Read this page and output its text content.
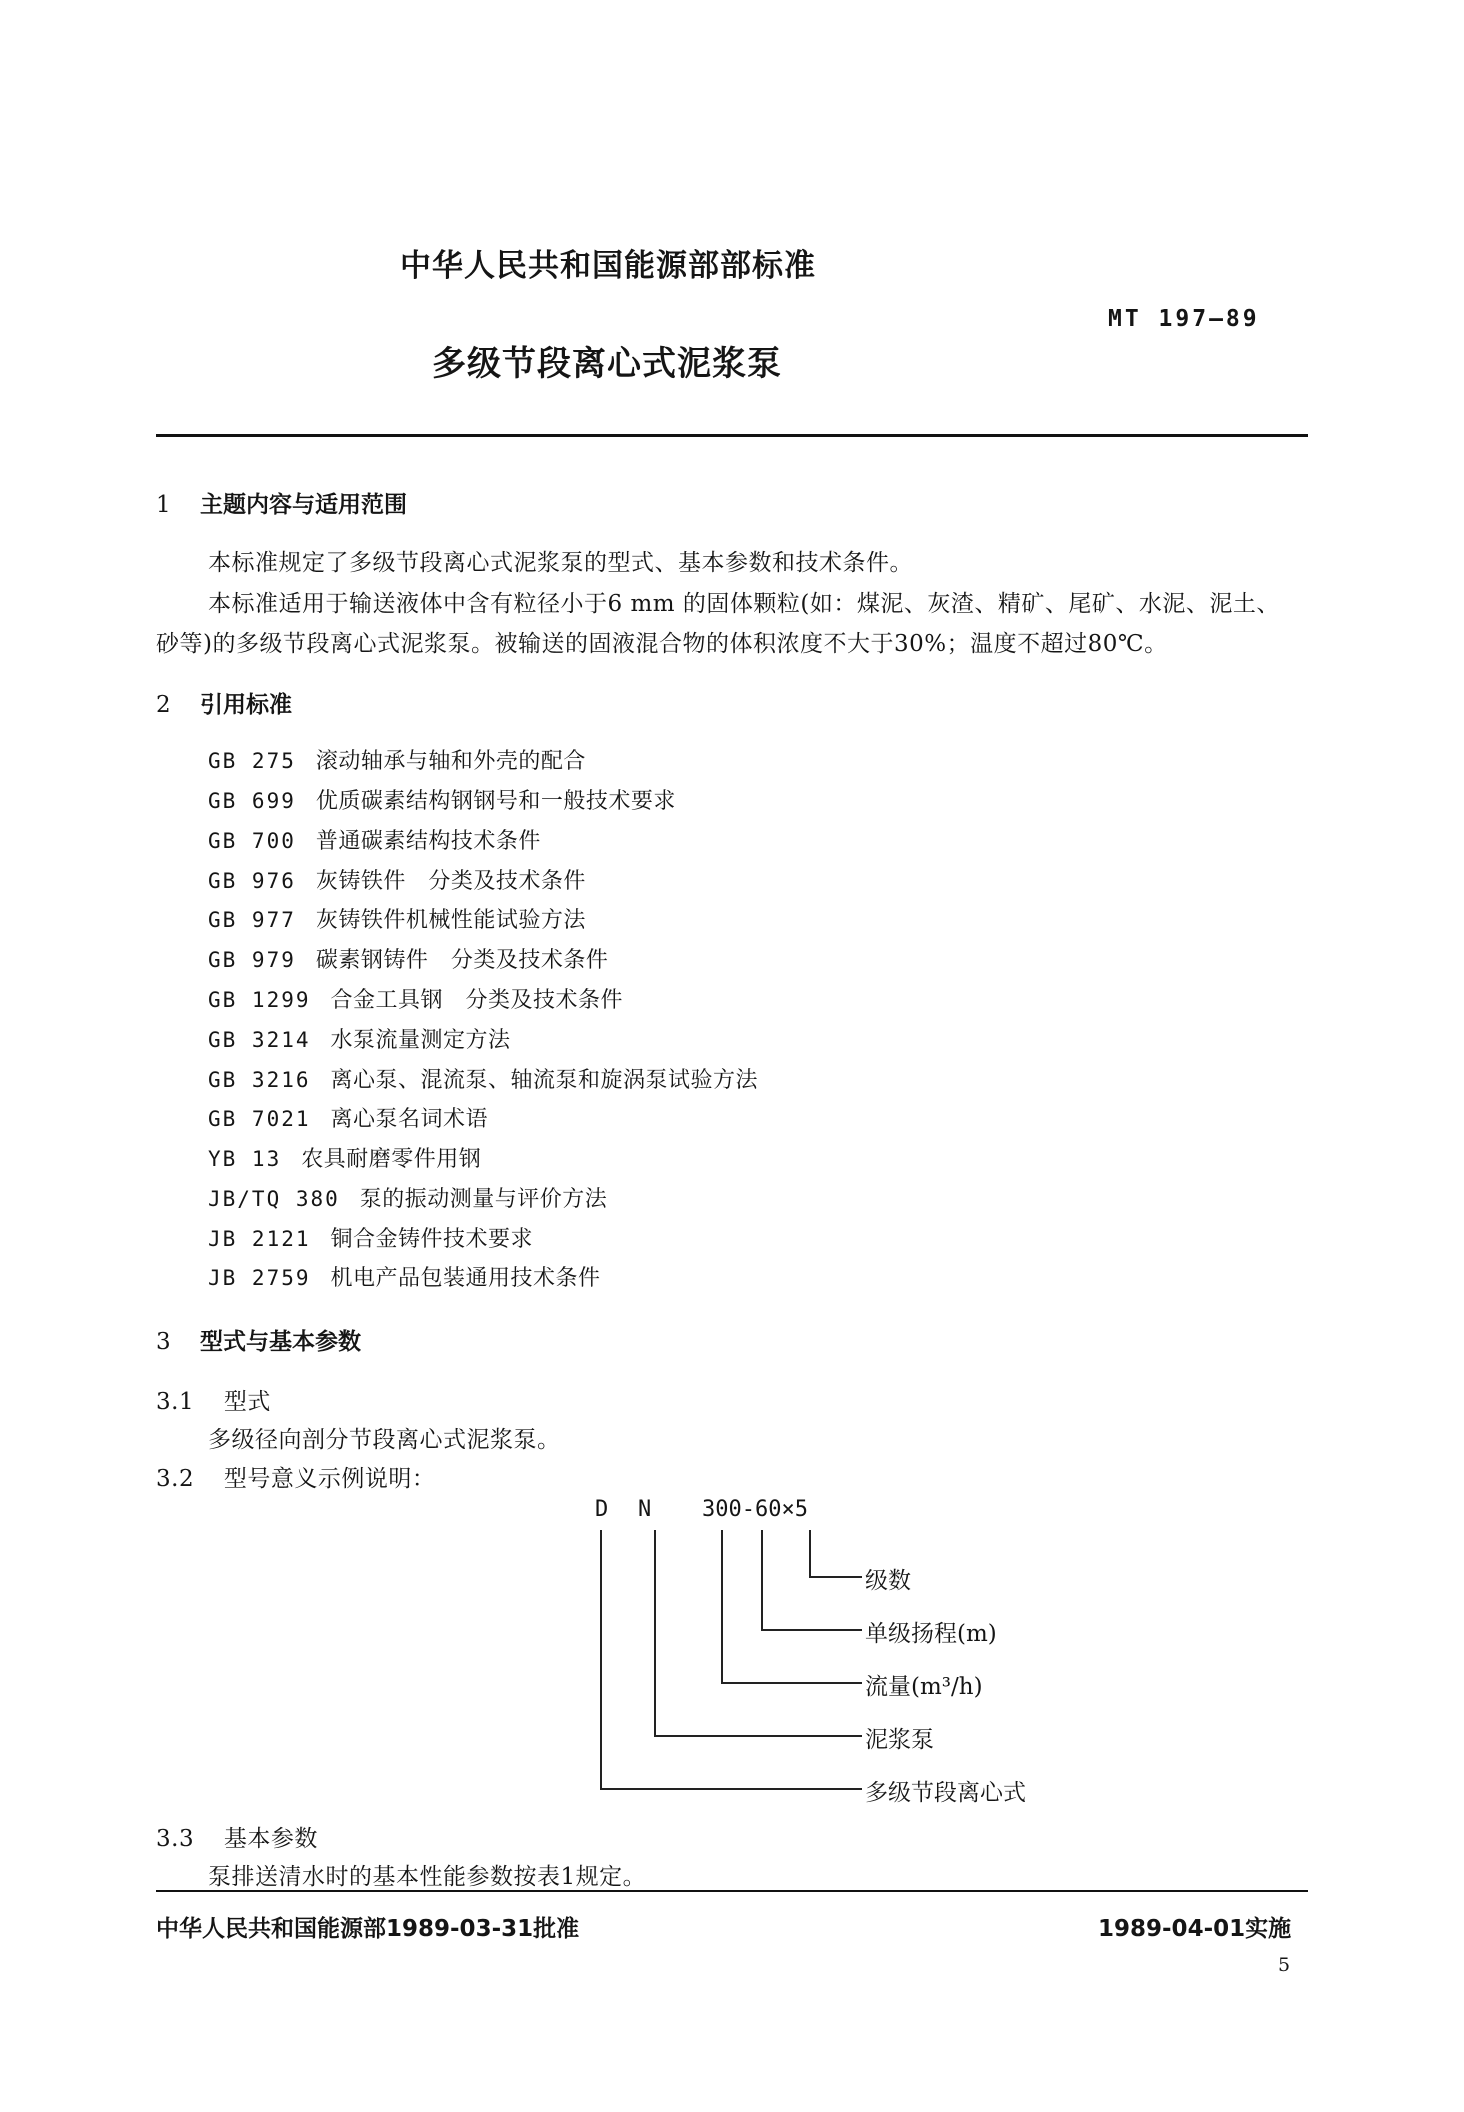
中华人民共和国能源部部标准
多级节段离心式泥浆泵
MT 197—89
1 主题内容与适用范围
本标准规定了多级节段离心式泥浆泵的型式、基本参数和技术条件。
本标准适用于输送液体中含有粒径小于6 mm 的固体颗粒(如：煤泥、灰渣、精矿、尾矿、水泥、泥土、
砂等)的多级节段离心式泥浆泵。被输送的固液混合物的体积浓度不大于30%；温度不超过80℃。
2 引用标准
GB 275 滚动轴承与轴和外壳的配合
GB 699 优质碳素结构钢钢号和一般技术要求
GB 700 普通碳素结构技术条件
GB 976 灰铸铁件　分类及技术条件
GB 977 灰铸铁件机械性能试验方法
GB 979 碳素钢铸件　分类及技术条件
GB 1299 合金工具钢　分类及技术条件
GB 3214 水泵流量测定方法
GB 3216 离心泵、混流泵、轴流泵和旋涡泵试验方法
GB 7021 离心泵名词术语
YB 13 农具耐磨零件用钢
JB/TQ 380 泵的振动测量与评价方法
JB 2121 铜合金铸件技术要求
JB 2759 机电产品包装通用技术条件
3 型式与基本参数
3.1 型式
多级径向剖分节段离心式泥浆泵。
3.2 型号意义示例说明：
D N 300-60×5
级数
单级扬程(m)
流量(m³/h)
泥浆泵
多级节段离心式
3.3 基本参数
泵排送清水时的基本性能参数按表1规定。
中华人民共和国能源部1989-03-31批准	1989-04-01实施
5
